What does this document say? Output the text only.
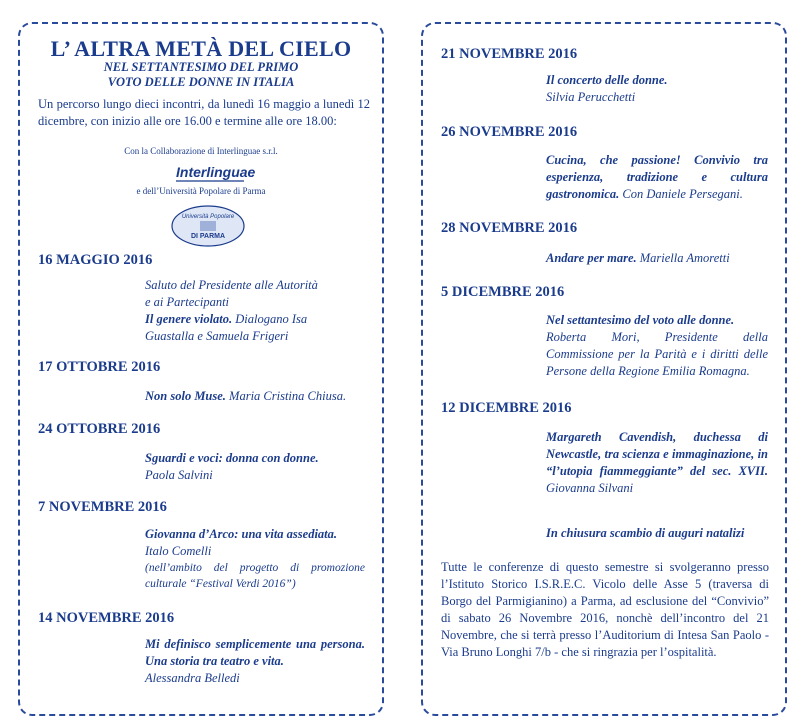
L’ ALTRA METÀ DEL CIELO
NEL SETTANTESIMO DEL PRIMO
VOTO DELLE DONNE IN ITALIA
Un percorso lungo dieci incontri, da lunedì 16 maggio a lunedì 12 dicembre, con inizio alle ore 16.00 e termine alle ore 18.00:
Con la Collaborazione di Interlinguae s.r.l.
Interlinguae
e dell’Università Popolare di Parma
Università Popolare
DI PARMA
16 MAGGIO 2016
Saluto del Presidente alle Autorità
e ai Partecipanti
Il genere violato. Dialogano Isa
Guastalla e Samuela Frigeri
17 OTTOBRE 2016
Non solo Muse. Maria Cristina Chiusa.
24 OTTOBRE 2016
Sguardi e voci: donna con donne.
Paola Salvini
7 NOVEMBRE 2016
Giovanna d’Arco: una vita assediata.
Italo Comelli
(nell’ambito del progetto di promozione culturale “Festival Verdi 2016”)
14 NOVEMBRE 2016
Mi definisco semplicemente una persona. Una storia tra teatro e vita.
Alessandra Belledi
21 NOVEMBRE 2016
Il concerto delle donne.
Silvia Perucchetti
26 NOVEMBRE 2016
Cucina, che passione! Convivio tra esperienza, tradizione e cultura gastronomica. Con Daniele Persegani.
28 NOVEMBRE 2016
Andare per mare. Mariella Amoretti
5 DICEMBRE 2016
Nel settantesimo del voto alle donne.
Roberta Mori, Presidente della Commissione per la Parità e i diritti delle Persone della Regione Emilia Romagna.
12 DICEMBRE 2016
Margareth Cavendish, duchessa di Newcastle, tra scienza e immaginazione, in “l’utopia fiammeggiante” del sec. XVII. Giovanna Silvani
In chiusura scambio di auguri natalizi
Tutte le conferenze di questo semestre si svolgeranno presso l’Istituto Storico I.S.R.E.C. Vicolo delle Asse 5 (traversa di Borgo del Parmigianino) a Parma, ad esclusione del “Convivio” di sabato 26 Novembre 2016, nonchè dell’incontro del 21 Novembre, che si terrà presso l’Auditorium di Intesa San Paolo - Via Bruno Longhi 7/b - che si ringrazia per l’ospitalità.
